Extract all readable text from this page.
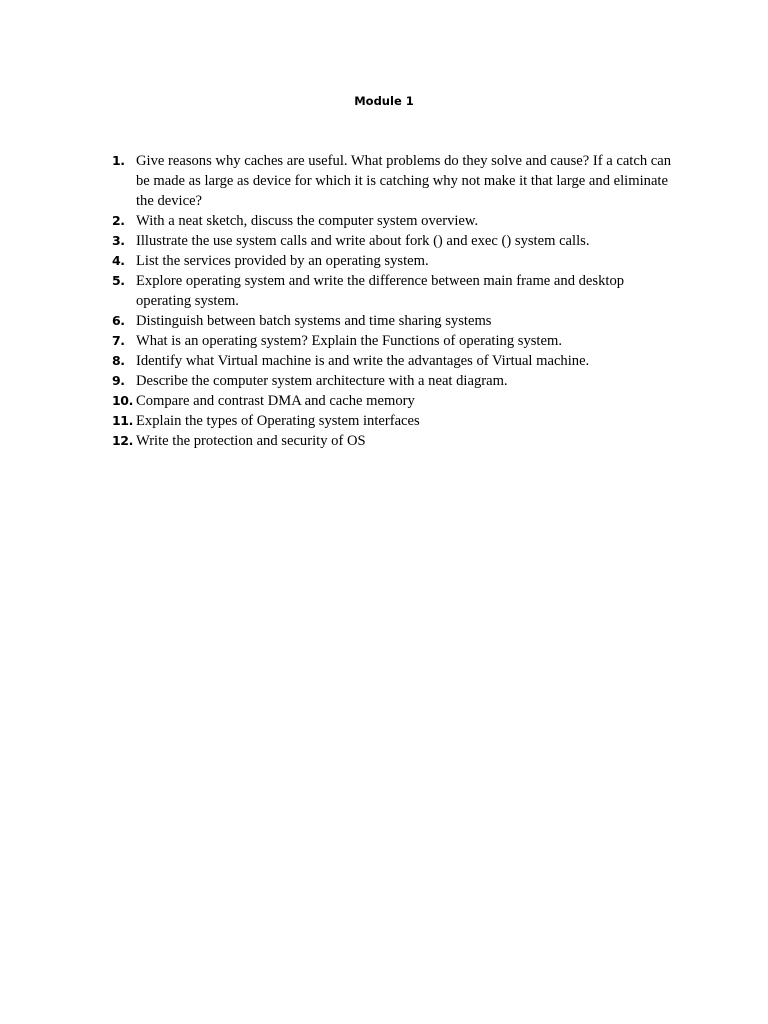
Module 1
1. Give reasons why caches are useful. What problems do they solve and cause? If a catch can be made as large as device for which it is catching why not make it that large and eliminate the device?
2. With a neat sketch, discuss the computer system overview.
3. Illustrate the use system calls and write about fork () and exec () system calls.
4. List the services provided by an operating system.
5. Explore operating system and write the difference between main frame and desktop operating system.
6. Distinguish between batch systems and time sharing systems
7. What is an operating system? Explain the Functions of operating system.
8. Identify what Virtual machine is and write the advantages of Virtual machine.
9. Describe the computer system architecture with a neat diagram.
10. Compare and contrast DMA and cache memory
11. Explain the types of Operating system interfaces
12. Write the protection and security of OS
